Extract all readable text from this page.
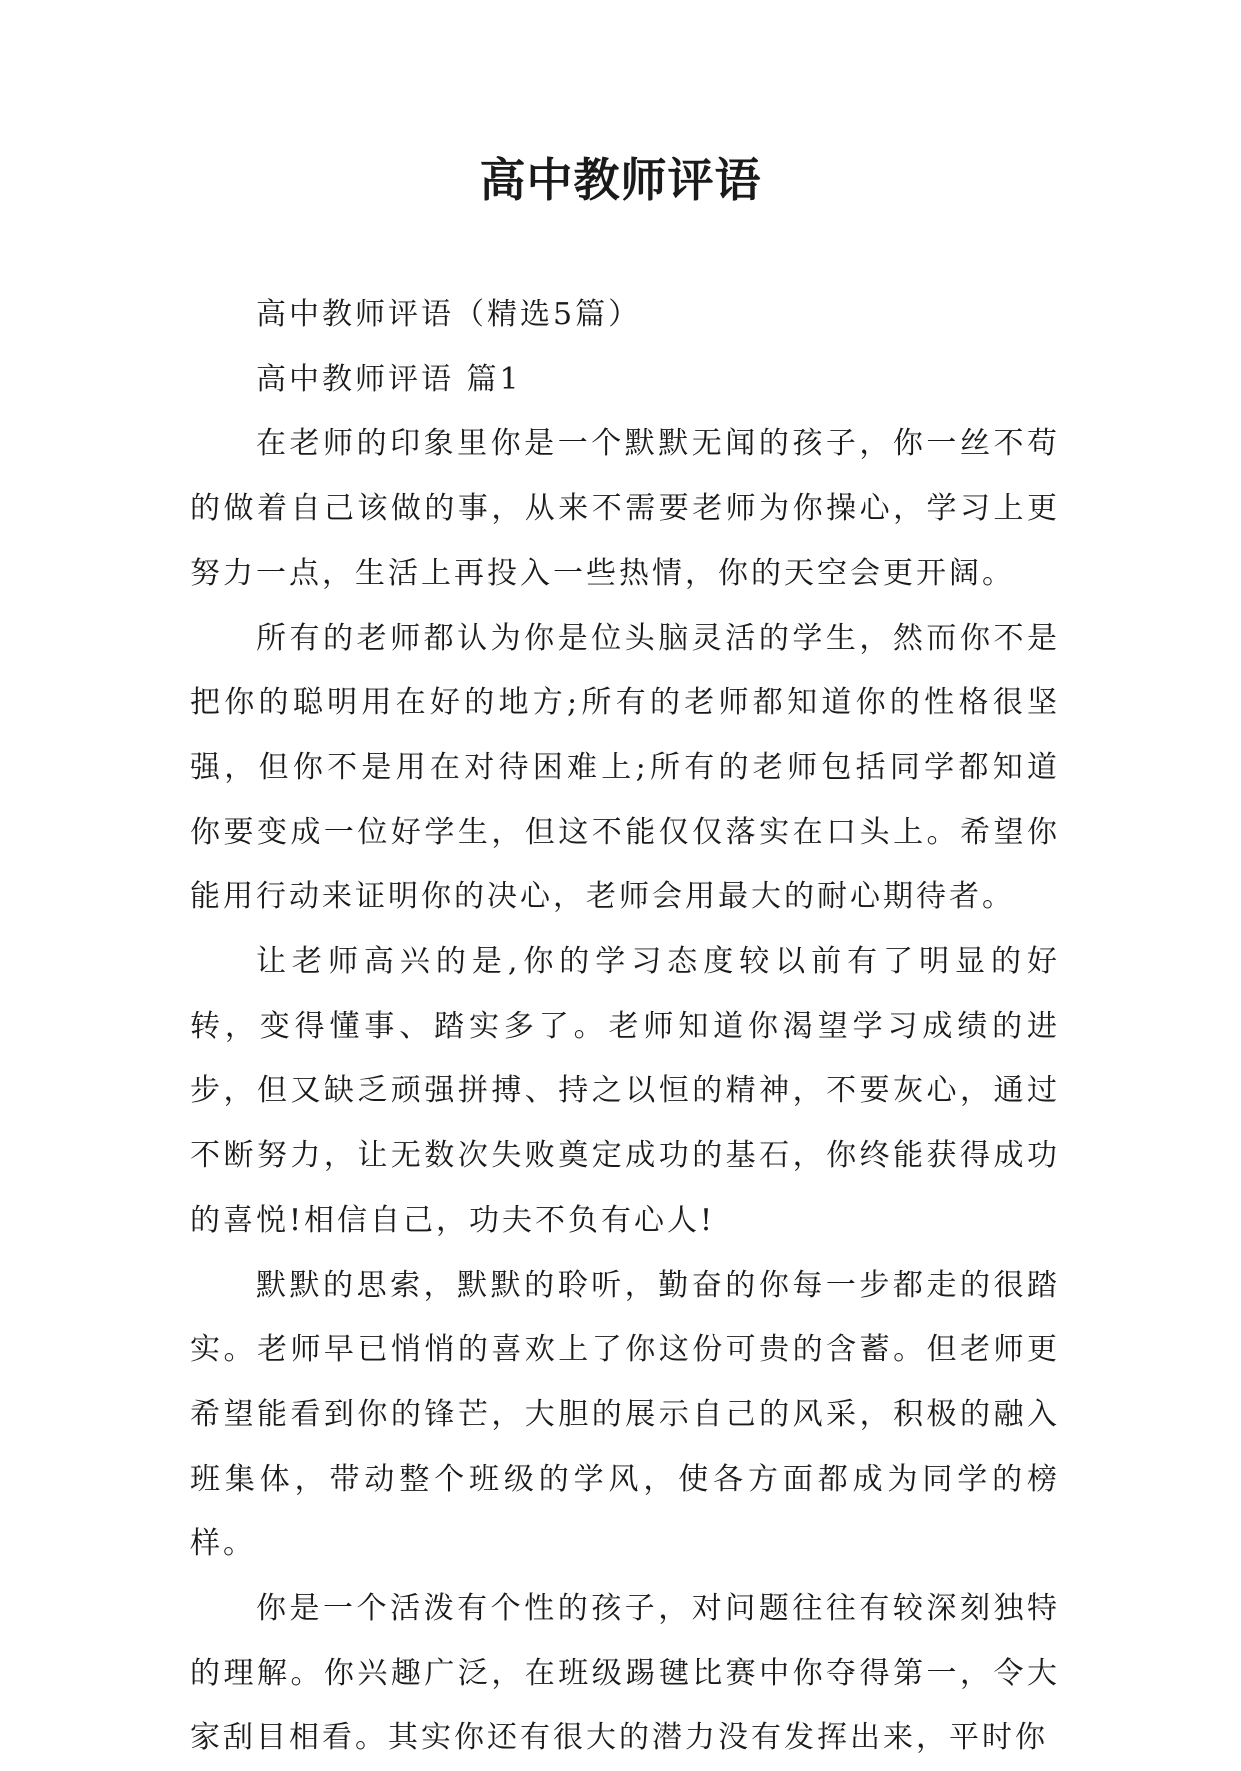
高中教师评语

高中教师评语（精选5篇）

高中教师评语 篇1

在老师的印象里你是一个默默无闻的孩子，你一丝不苟的做着自己该做的事，从来不需要老师为你操心，学习上更努力一点，生活上再投入一些热情，你的天空会更开阔。

所有的老师都认为你是位头脑灵活的学生，然而你不是把你的聪明用在好的地方;所有的老师都知道你的性格很坚强，但你不是用在对待困难上;所有的老师包括同学都知道你要变成一位好学生，但这不能仅仅落实在口头上。希望你能用行动来证明你的决心，老师会用最大的耐心期待者。

让老师高兴的是,你的学习态度较以前有了明显的好转，变得懂事、踏实多了。老师知道你渴望学习成绩的进步，但又缺乏顽强拼搏、持之以恒的精神，不要灰心，通过不断努力，让无数次失败奠定成功的基石，你终能获得成功的喜悦!相信自己，功夫不负有心人!

默默的思索，默默的聆听，勤奋的你每一步都走的很踏实。老师早已悄悄的喜欢上了你这份可贵的含蓄。但老师更希望能看到你的锋芒，大胆的展示自己的风采，积极的融入班集体，带动整个班级的学风，使各方面都成为同学的榜样。

你是一个活泼有个性的孩子，对问题往往有较深刻独特的理解。你兴趣广泛，在班级踢毽比赛中你夺得第一，令大家刮目相看。其实你还有很大的潜力没有发挥出来，平时你
